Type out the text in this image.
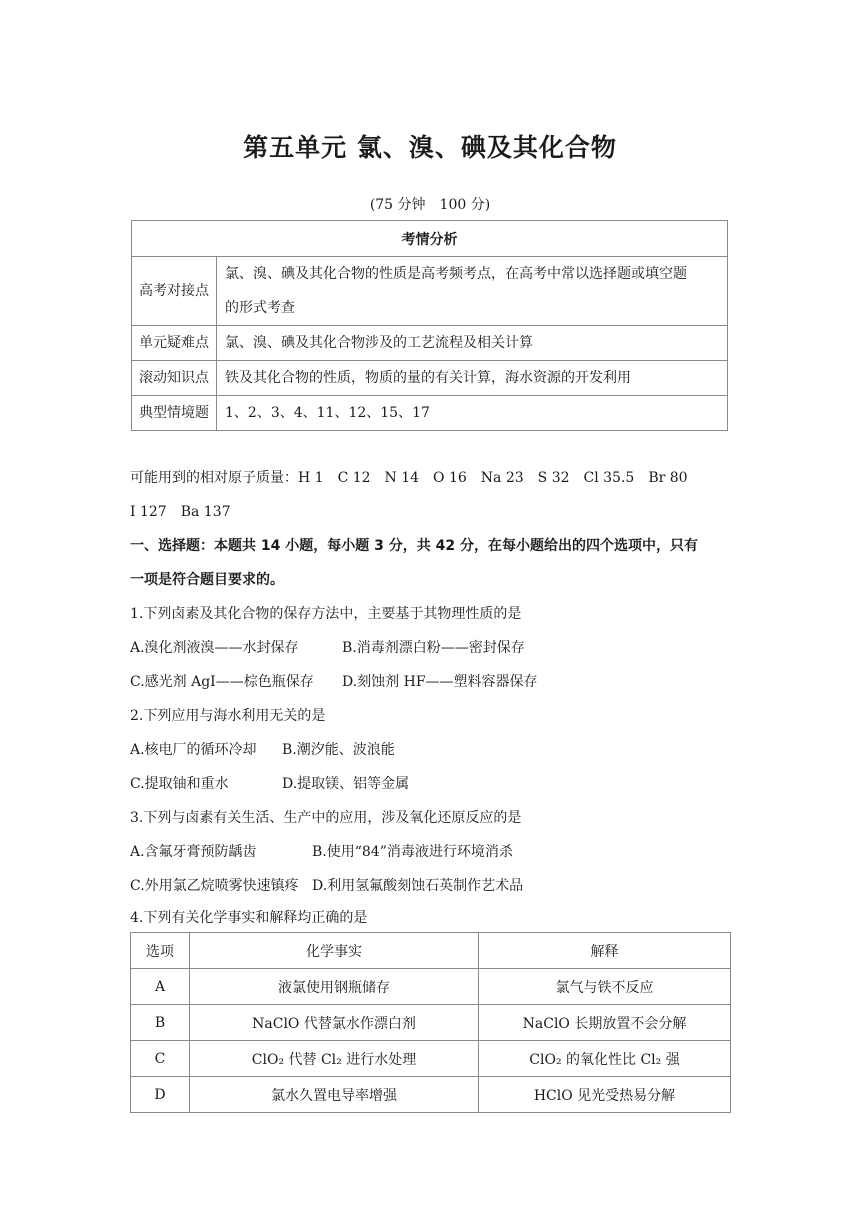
第五单元 氯、溴、碘及其化合物
(75 分钟　100 分)
考情分析	
高考对接点	氯、溴、碘及其化合物的性质是高考频考点，在高考中常以选择题或填空题
的形式考查

单元疑难点	氯、溴、碘及其化合物涉及的工艺流程及相关计算
滚动知识点	铁及其化合物的性质，物质的量的有关计算，海水资源的开发利用
典型情境题	1、2、3、4、11、12、15、17
可能用到的相对原子质量：H 1　C 12　N 14　O 16　Na 23　S 32　Cl 35.5　Br 80
I 127　Ba 137
一、选择题：本题共 14 小题，每小题 3 分，共 42 分，在每小题给出的四个选项中，只有
一项是符合题目要求的。
1.下列卤素及其化合物的保存方法中，主要基于其物理性质的是
A.溴化剂液溴——水封保存	B.消毒剂漂白粉——密封保存
C.感光剂 AgI——棕色瓶保存 D.刻蚀剂 HF——塑料容器保存
2.下列应用与海水利用无关的是
A.核电厂的循环冷却 B.潮汐能、波浪能
C.提取铀和重水	D.提取镁、铝等金属
3.下列与卤素有关生活、生产中的应用，涉及氧化还原反应的是
A.含氟牙膏预防龋齿	B.使用“84”消毒液进行环境消杀
C.外用氯乙烷喷雾快速镇疼 D.利用氢氟酸刻蚀石英制作艺术品
4.下列有关化学事实和解释均正确的是
选项	化学事实	解释
A	液氯使用钢瓶储存	氯气与铁不反应
B	NaClO 代替氯水作漂白剂	NaClO 长期放置不会分解
C	ClO₂ 代替 Cl₂ 进行水处理	ClO₂ 的氧化性比 Cl₂ 强
D	氯水久置电导率增强	HClO 见光受热易分解
